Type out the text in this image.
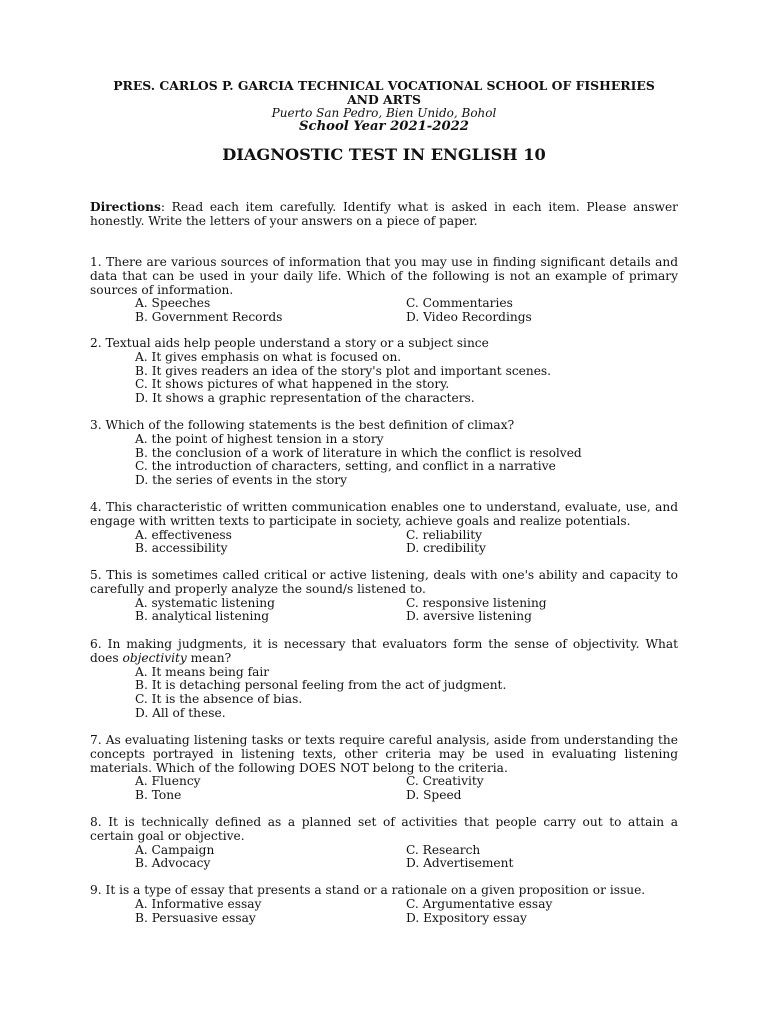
PRES. CARLOS P. GARCIA TECHNICAL VOCATIONAL SCHOOL OF FISHERIES
AND ARTS
Puerto San Pedro, Bien Unido, Bohol
School Year 2021-2022
DIAGNOSTIC TEST IN ENGLISH 10
Directions: Read each item carefully. Identify what is asked in each item. Please answer honestly. Write the letters of your answers on a piece of paper.
1. There are various sources of information that you may use in finding significant details and data that can be used in your daily life. Which of the following is not an example of primary sources of information.
A. Speeches	C. Commentaries
B. Government Records	D. Video Recordings
2. Textual aids help people understand a story or a subject since
A. It gives emphasis on what is focused on.
B. It gives readers an idea of the story's plot and important scenes.
C. It shows pictures of what happened in the story.
D. It shows a graphic representation of the characters.
3. Which of the following statements is the best definition of climax?
A. the point of highest tension in a story
B. the conclusion of a work of literature in which the conflict is resolved
C. the introduction of characters, setting, and conflict in a narrative
D. the series of events in the story
4. This characteristic of written communication enables one to understand, evaluate, use, and engage with written texts to participate in society, achieve goals and realize potentials.
A. effectiveness	C. reliability
B. accessibility	D. credibility
5. This is sometimes called critical or active listening, deals with one's ability and capacity to carefully and properly analyze the sound/s listened to.
A. systematic listening	C. responsive listening
B. analytical listening	D. aversive listening
6. In making judgments, it is necessary that evaluators form the sense of objectivity. What does objectivity mean?
A. It means being fair
B. It is detaching personal feeling from the act of judgment.
C. It is the absence of bias.
D. All of these.
7. As evaluating listening tasks or texts require careful analysis, aside from understanding the concepts portrayed in listening texts, other criteria may be used in evaluating listening materials. Which of the following DOES NOT belong to the criteria.
A. Fluency	C. Creativity
B. Tone	D. Speed
8. It is technically defined as a planned set of activities that people carry out to attain a certain goal or objective.
A. Campaign	C. Research
B. Advocacy	D. Advertisement
9. It is a type of essay that presents a stand or a rationale on a given proposition or issue.
A. Informative essay	C. Argumentative essay
B. Persuasive essay	D. Expository essay
